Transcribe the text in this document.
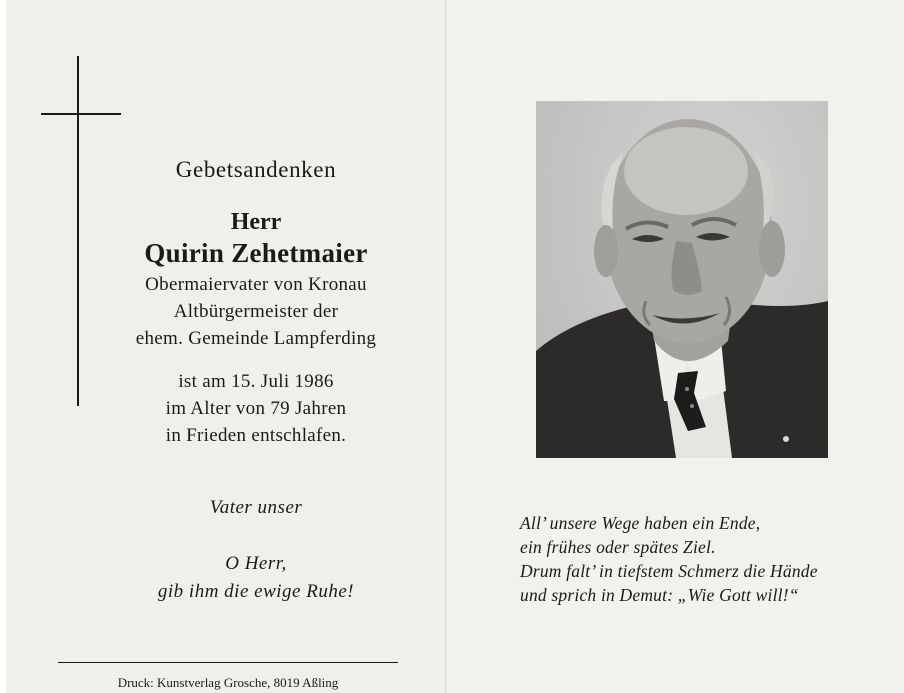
Gebetsandenken
Herr
Quirin Zehetmaier
Obermaiervater von Kronau
Altbürgermeister der
ehem. Gemeinde Lampferding
ist am 15. Juli 1986
im Alter von 79 Jahren
in Frieden entschlafen.
Vater unser
O Herr,
gib ihm die ewige Ruhe!
Druck: Kunstverlag Grosche, 8019 Aßling
All’ unsere Wege haben ein Ende,
ein frühes oder spätes Ziel.
Drum falt’ in tiefstem Schmerz die Hände
und sprich in Demut: „Wie Gott will!“
